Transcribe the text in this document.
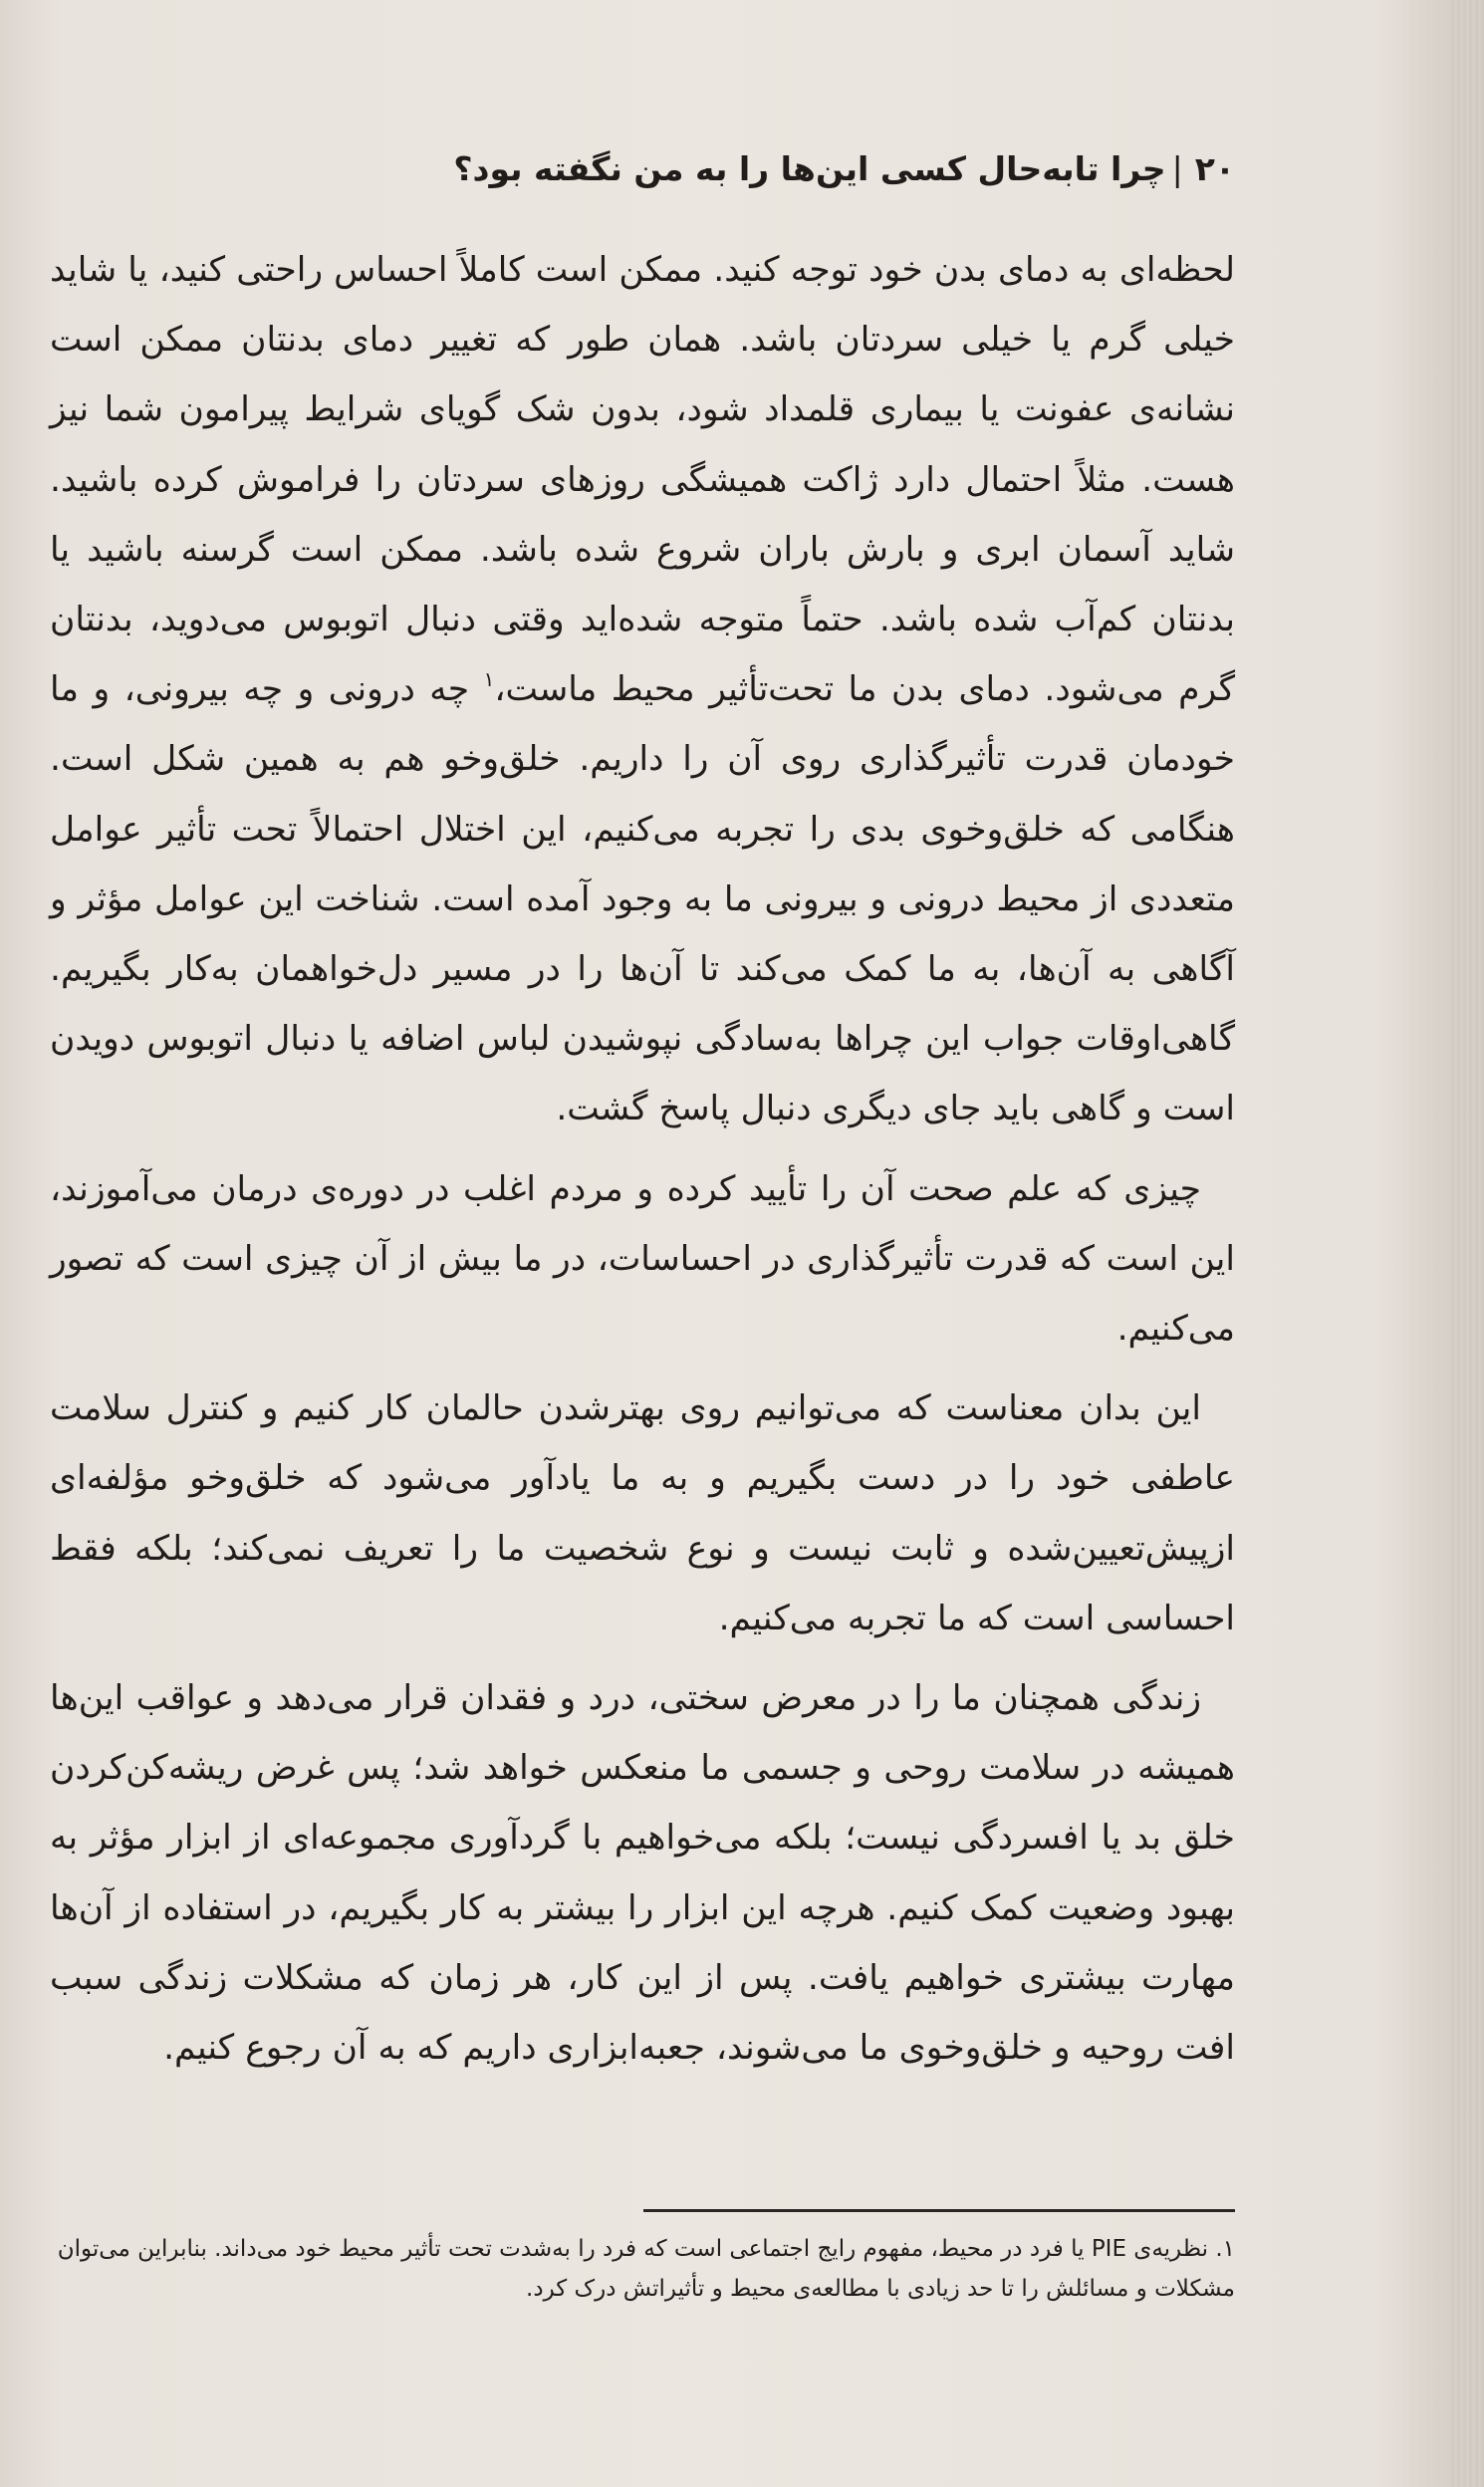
۲۰|چرا تابه‌حال کسی این‌ها را به من نگفته بود؟

لحظه‌ای به دمای بدن خود توجه کنید. ممکن است کاملاً احساس راحتی کنید، یا شاید خیلی گرم یا خیلی سردتان باشد. همان طور که تغییر دمای بدنتان ممکن است نشانه‌ی عفونت یا بیماری قلمداد شود، بدون شک گویای شرایط پیرامون شما نیز هست. مثلاً احتمال دارد ژاکت همیشگی روزهای سردتان را فراموش کرده باشید. شاید آسمان ابری و بارش باران شروع شده باشد. ممکن است گرسنه باشید یا بدنتان کم‌آب شده باشد. حتماً متوجه شده‌اید وقتی دنبال اتوبوس می‌دوید، بدنتان گرم می‌شود. دمای بدن ما تحت‌تأثیر محیط ماست،$^۱$ چه درونی و چه بیرونی، و ما خودمان قدرت تأثیرگذاری روی آن را داریم. خلق‌وخو هم به همین شکل است. هنگامی که خلق‌وخوی بدی را تجربه می‌کنیم، این اختلال احتمالاً تحت تأثیر عوامل متعددی از محیط درونی و بیرونی ما به وجود آمده است. شناخت این عوامل مؤثر و آگاهی به آن‌ها، به ما کمک می‌کند تا آن‌ها را در مسیر دل‌خواهمان به‌کار بگیریم. گاهی‌اوقات جواب این چراها به‌سادگی نپوشیدن لباس اضافه یا دنبال اتوبوس دویدن است و گاهی باید جای دیگری دنبال پاسخ گشت.

چیزی که علم صحت آن را تأیید کرده و مردم اغلب در دوره‌ی درمان می‌آموزند، این است که قدرت تأثیرگذاری در احساسات، در ما بیش از آن چیزی است که تصور می‌کنیم.

این بدان معناست که می‌توانیم روی بهترشدن حالمان کار کنیم و کنترل سلامت عاطفی خود را در دست بگیریم و به ما یادآور می‌شود که خلق‌وخو مؤلفه‌ای ازپیش‌تعیین‌شده و ثابت نیست و نوع شخصیت ما را تعریف نمی‌کند؛ بلکه فقط احساسی است که ما تجربه می‌کنیم.

زندگی همچنان ما را در معرض سختی، درد و فقدان قرار می‌دهد و عواقب این‌ها همیشه در سلامت روحی و جسمی ما منعکس خواهد شد؛ پس غرض ریشه‌کن‌کردن خلق بد یا افسردگی نیست؛ بلکه می‌خواهیم با گردآوری مجموعه‌ای از ابزار مؤثر به بهبود وضعیت کمک کنیم. هرچه این ابزار را بیشتر به کار بگیریم، در استفاده از آن‌ها مهارت بیشتری خواهیم یافت. پس از این کار، هر زمان که مشکلات زندگی سبب افت روحیه و خلق‌وخوی ما می‌شوند، جعبه‌ابزاری داریم که به آن رجوع کنیم.

۱. نظریه‌ی PIE یا فرد در محیط، مفهوم رایج اجتماعی است که فرد را به‌شدت تحت تأثیر محیط خود می‌داند. بنابراین می‌توان مشکلات و مسائلش را تا حد زیادی با مطالعه‌ی محیط و تأثیراتش درک کرد.
